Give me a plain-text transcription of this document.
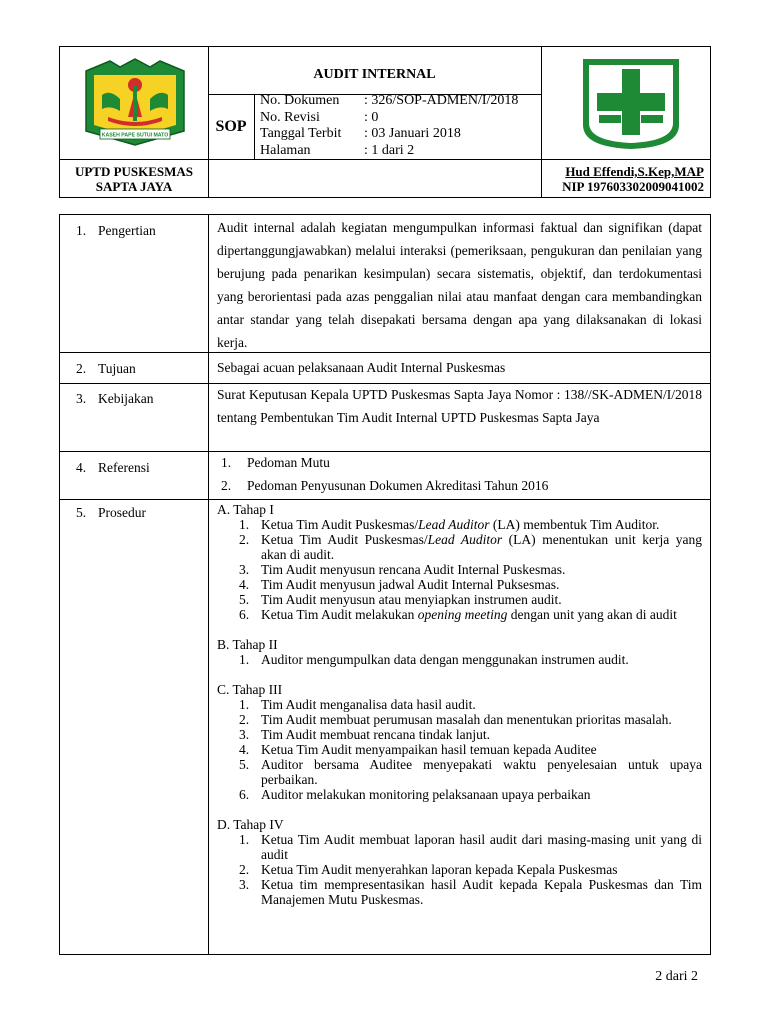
KASEH PAPE SUTUI MATO
AUDIT INTERNAL
SOP
No. Dokumen	: 326/SOP-ADMEN/I/2018
No. Revisi	: 0
Tanggal Terbit	: 03 Januari 2018
Halaman	: 1 dari 2
UPTD PUSKESMAS
SAPTA JAYA
Hud Effendi,S.Kep,MAP
NIP 197603302009041002
1. Pengertian	Audit internal adalah kegiatan mengumpulkan informasi faktual dan signifikan (dapat dipertanggungjawabkan) melalui interaksi (pemeriksaan, pengukuran dan penilaian yang berujung pada penarikan kesimpulan) secara sistematis, objektif, dan terdokumentasi yang berorientasi pada azas penggalian nilai atau manfaat dengan cara membandingkan antar standar yang telah disepakati bersama dengan apa yang dilaksanakan di lokasi kerja.
2. Tujuan	Sebagai acuan pelaksanaan Audit Internal Puskesmas
3. Kebijakan	Surat Keputusan Kepala UPTD Puskesmas Sapta Jaya Nomor : 138//SK-ADMEN/I/2018 tentang Pembentukan Tim Audit Internal UPTD Puskesmas Sapta Jaya
4. Referensi	1.	Pedoman Mutu
2.	Pedoman Penyusunan Dokumen Akreditasi Tahun 2016
5. Prosedur	A. Tahap I
1. Ketua Tim Audit Puskesmas/Lead Auditor (LA) membentuk Tim Auditor.
2. Ketua Tim Audit Puskesmas/Lead Auditor (LA) menentukan unit kerja yang akan di audit.
3. Tim Audit menyusun rencana Audit Internal Puskesmas.
4. Tim Audit menyusun jadwal Audit Internal Puksesmas.
5. Tim Audit menyusun atau menyiapkan instrumen audit.
6. Ketua Tim Audit melakukan opening meeting dengan unit yang akan di audit
B. Tahap II
1. Auditor mengumpulkan data dengan menggunakan instrumen audit.
C. Tahap III
1. Tim Audit menganalisa data hasil audit.
2. Tim Audit membuat perumusan masalah dan menentukan prioritas masalah.
3. Tim Audit membuat rencana tindak lanjut.
4. Ketua Tim Audit menyampaikan hasil temuan kepada Auditee
5. Auditor bersama Auditee menyepakati waktu penyelesaian untuk upaya perbaikan.
6. Auditor melakukan monitoring pelaksanaan upaya perbaikan
D. Tahap IV
1. Ketua Tim Audit membuat laporan hasil audit dari masing-masing unit yang di audit
2. Ketua Tim Audit menyerahkan laporan kepada Kepala Puskesmas
3. Ketua tim mempresentasikan hasil Audit kepada Kepala Puskesmas dan Tim Manajemen Mutu Puskesmas.
2 dari 2
